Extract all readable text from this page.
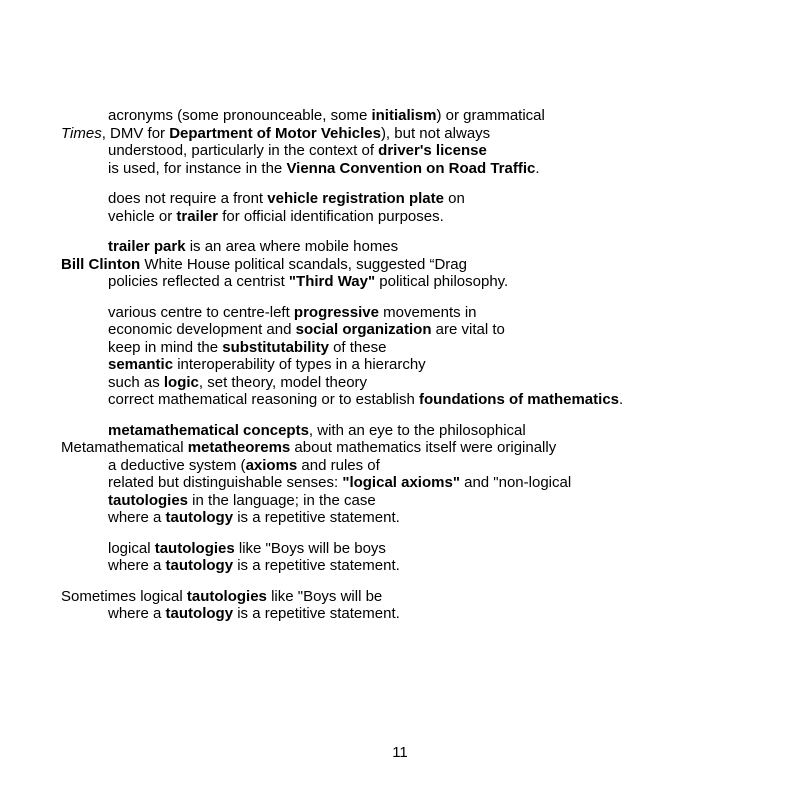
acronyms (some pronounceable, some initialism) or grammatical
Times, DMV for Department of Motor Vehicles), but not always
understood, particularly in the context of driver's license
is used, for instance in the Vienna Convention on Road Traffic.
does not require a front vehicle registration plate on
vehicle or trailer for official identification purposes.
trailer park is an area where mobile homes
Bill Clinton White House political scandals, suggested “Drag
policies reflected a centrist "Third Way" political philosophy.
various centre to centre-left progressive movements in
economic development and social organization are vital to
keep in mind the substitutability of these
semantic interoperability of types in a hierarchy
such as logic, set theory, model theory
correct mathematical reasoning or to establish foundations of mathematics.
metamathematical concepts, with an eye to the philosophical
Metamathematical metatheorems about mathematics itself were originally
a deductive system (axioms and rules of
related but distinguishable senses: "logical axioms" and "non-logical
tautologies in the language; in the case
where a tautology is a repetitive statement.
logical tautologies like "Boys will be boys
where a tautology is a repetitive statement.
Sometimes logical tautologies like "Boys will be
where a tautology is a repetitive statement.
11
